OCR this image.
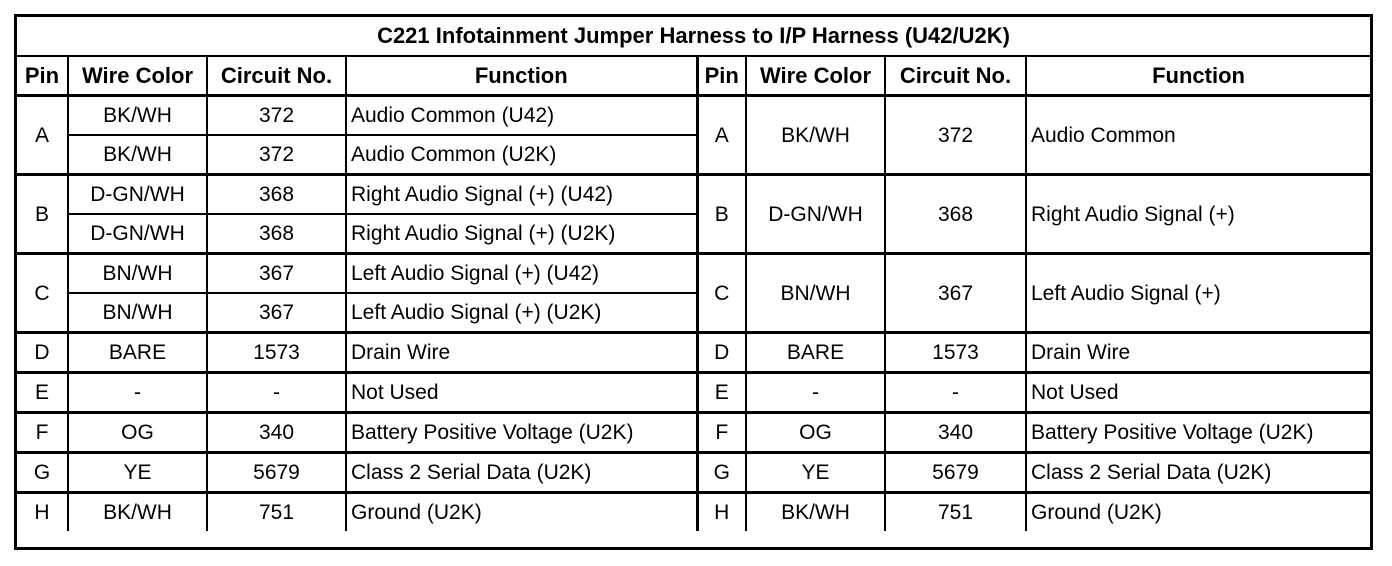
C221 Infotainment Jumper Harness to I/P Harness (U42/U2K)							
Pin	Wire Color	Circuit No.	Function	Pin	Wire Color	Circuit No.	Function
A	BK/WH	372	Audio Common (U42)	A	BK/WH	372	Audio Common
	BK/WH	372	Audio Common (U2K)				
B	D-GN/WH	368	Right Audio Signal (+) (U42)	B	D-GN/WH	368	Right Audio Signal (+)
	D-GN/WH	368	Right Audio Signal (+) (U2K)				
C	BN/WH	367	Left Audio Signal (+) (U42)	C	BN/WH	367	Left Audio Signal (+)
	BN/WH	367	Left Audio Signal (+) (U2K)				
D	BARE	1573	Drain Wire	D	BARE	1573	Drain Wire
E	-	-	Not Used	E	-	-	Not Used
F	OG	340	Battery Positive Voltage (U2K)	F	OG	340	Battery Positive Voltage (U2K)
G	YE	5679	Class 2 Serial Data (U2K)	G	YE	5679	Class 2 Serial Data (U2K)
H	BK/WH	751	Ground (U2K)	H	BK/WH	751	Ground (U2K)
